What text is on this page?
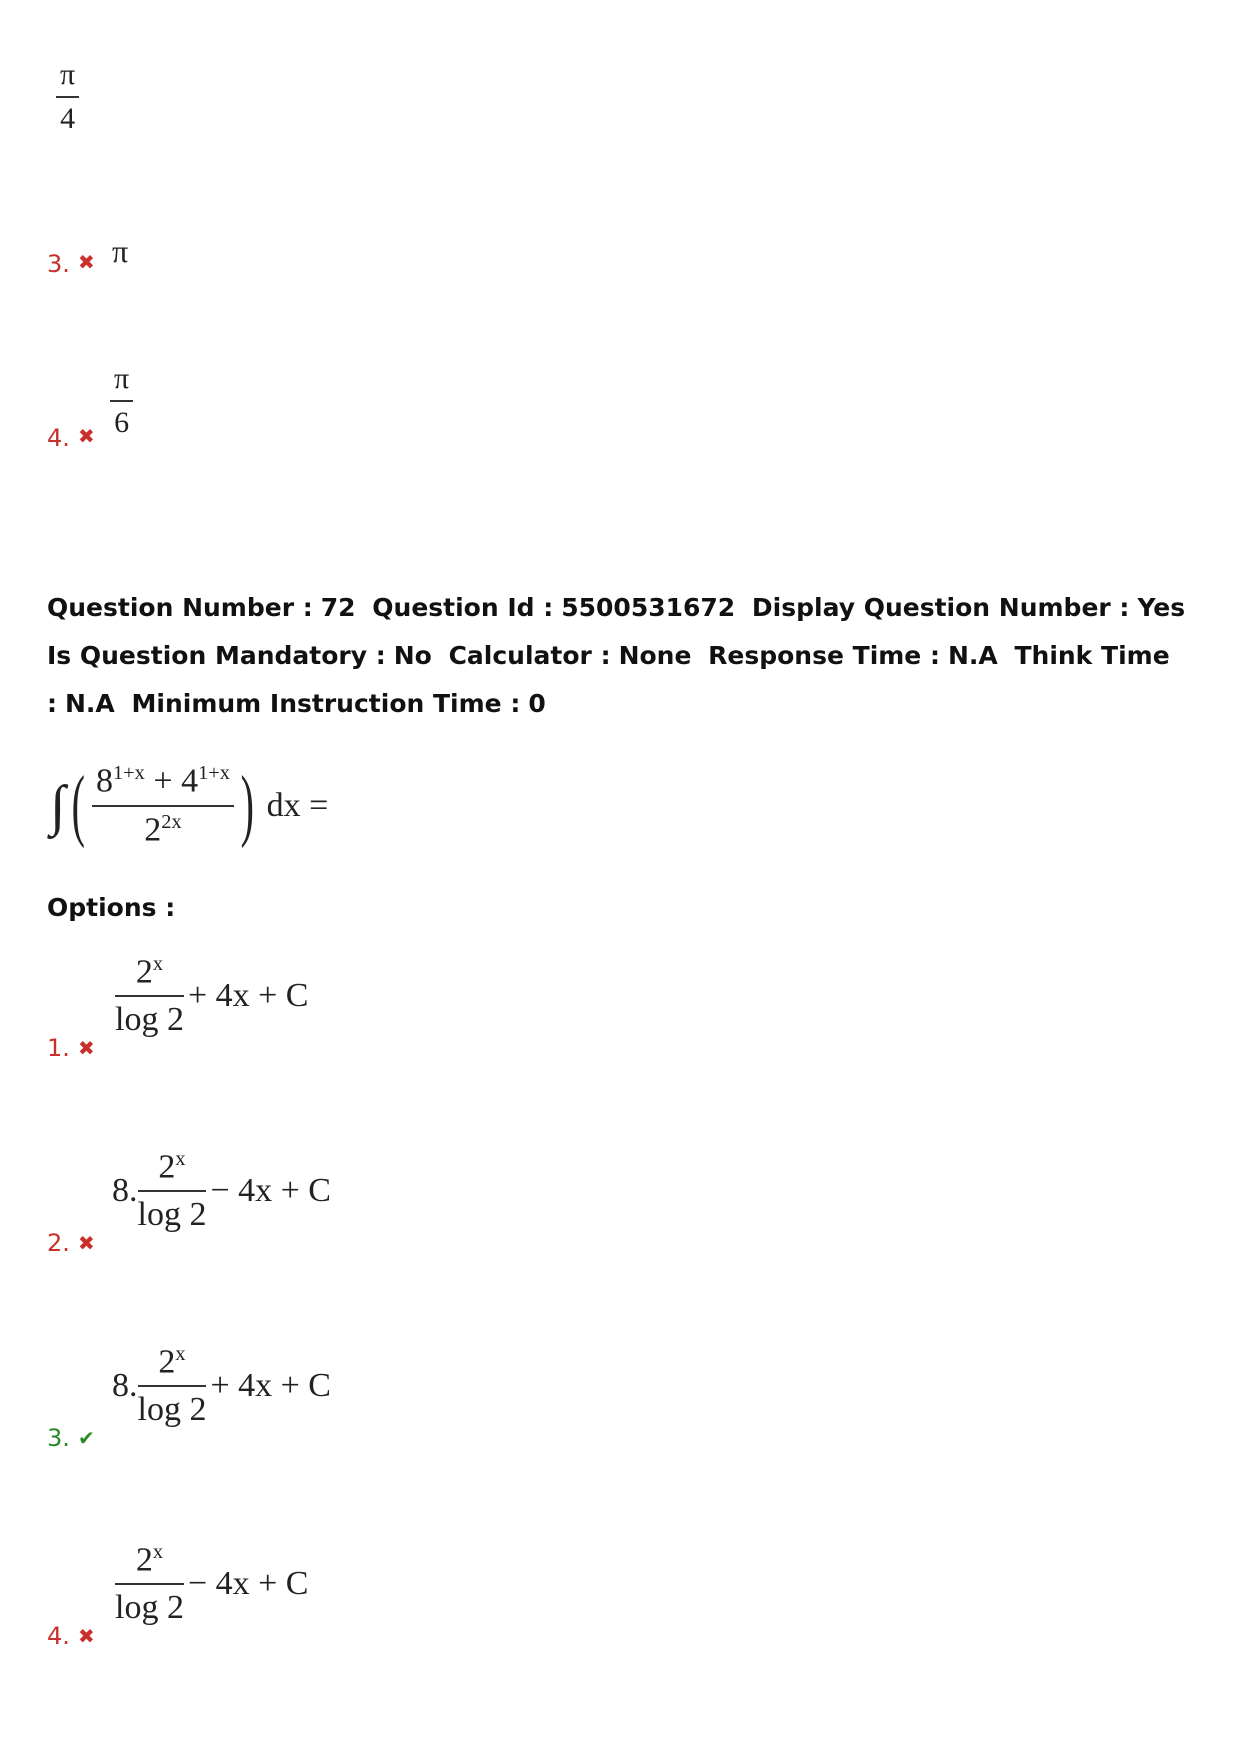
$\frac{\pi}{4}$
3. ✖ π
4. ✖ $\frac{\pi}{6}$
Question Number : 72 Question Id : 5500531672 Display Question Number : Yes Is Question Mandatory : No Calculator : None Response Time : N.A Think Time : N.A Minimum Instruction Time : 0
∫ ( $\frac{8^{1+x} + 4^{1+x}}{2^{2x}}$ ) dx =
Options :
1. ✖
$\frac{2^x}{\log 2} + 4x + C$
2. ✖
8. $\frac{2^x}{\log 2} - 4x + C$
3. ✔
8. $\frac{2^x}{\log 2} + 4x + C$
4. ✖
$\frac{2^x}{\log 2} - 4x + C$
